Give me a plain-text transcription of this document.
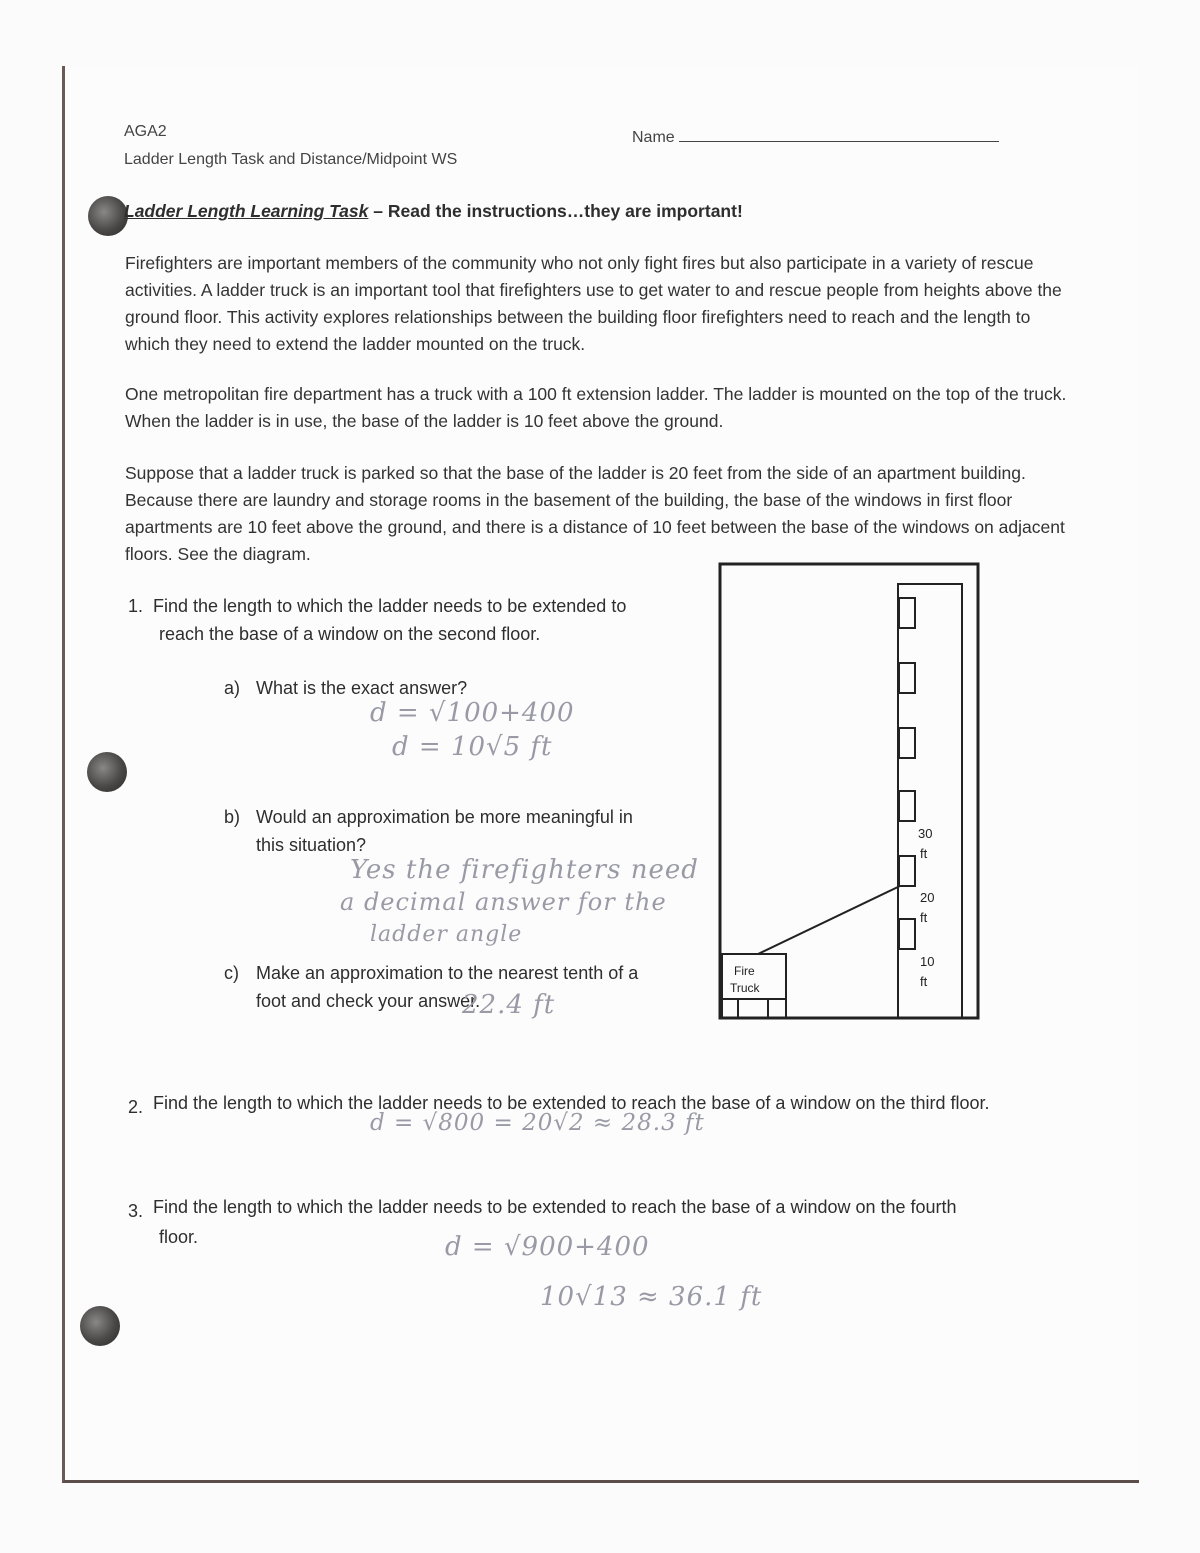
AGA2
Ladder Length Task and Distance/Midpoint WS
Name
Ladder Length Learning Task – Read the instructions…they are important!
Firefighters are important members of the community who not only fight fires but also participate in a variety of rescue activities. A ladder truck is an important tool that firefighters use to get water to and rescue people from heights above the ground floor. This activity explores relationships between the building floor firefighters need to reach and the length to which they need to extend the ladder mounted on the truck.
One metropolitan fire department has a truck with a 100 ft extension ladder. The ladder is mounted on the top of the truck. When the ladder is in use, the base of the ladder is 10 feet above the ground.
Suppose that a ladder truck is parked so that the base of the ladder is 20 feet from the side of an apartment building. Because there are laundry and storage rooms in the basement of the building, the base of the windows in first floor apartments are 10 feet above the ground, and there is a distance of 10 feet between the base of the windows on adjacent floors. See the diagram.
1. Find the length to which the ladder needs to be extended to
reach the base of a window on the second floor.
a) What is the exact answer?
d = √100+400
d = 10√5 ft
b) Would an approximation be more meaningful in
this situation?
Yes the firefighters need
a decimal answer for the
ladder angle
c) Make an approximation to the nearest tenth of a
foot and check your answer.
22.4 ft
Fire
Truck
30
ft
20
ft
10
ft
2. Find the length to which the ladder needs to be extended to reach the base of a window on the third floor.
d = √800 = 20√2 ≈ 28.3 ft
3. Find the length to which the ladder needs to be extended to reach the base of a window on the fourth
floor.	d = √900+400
10√13 ≈ 36.1 ft
